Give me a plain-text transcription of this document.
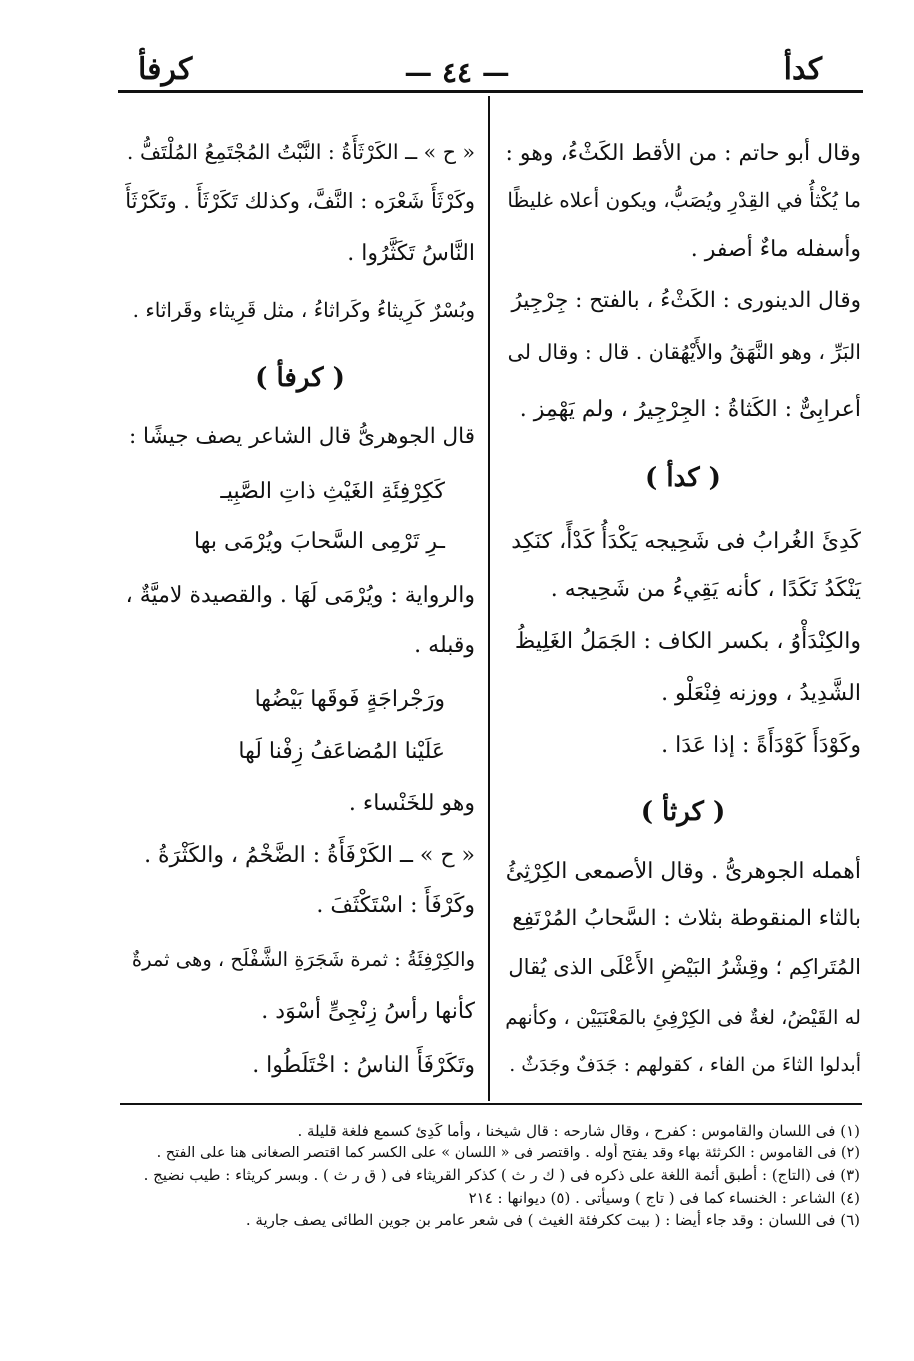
كدأ
— ٤٤ —
كرفأ
وقال أبو حاتم : من الأقط الكَثْءُ، وهو :
ما يُكْثأُ في القِدْرِ ويُصَبُّ، ويكون أعلاه غليظًا
وأسفله ماءٌ أصفر .
وقال الدينورى : الكَثْءُ ، بالفتح : جِرْجِيرُ
البَرِّ ، وهو النَّهَقُ والأَيْهُقان . قال : وقال لى
أعرابِىٌّ : الكَثاةُ : الجِرْجِيرُ ، ولم يَهْمِز .
( كدأ )
كَدِئَ الغُرابُ فى شَحِيجه يَكْدَأُ كَدْأً، كنَكِد
يَنْكَدُ نَكَدًا ، كأنه يَقِيءُ من شَحِيجه .
والكِنْدَأْوُ ، بكسر الكاف : الجَمَلُ الغَلِيظُ
الشَّدِيدُ ، ووزنه فِنْعَلْو .
وكَوْدَأَ كَوْدَأَةً : إذا عَدَا .
( كرثأ )
أهمله الجوهرىُّ . وقال الأصمعى الكِرْثِئُ
بالثاء المنقوطة بثلاث : السَّحابُ المُرْتَفِع
المُتَراكِم ؛ وقِشْرُ البَيْضِ الأَعْلَى الذى يُقال
له القَيْضُ، لغةٌ فى الكِرْفِئِ بالمَعْنَيَيْن ، وكأنهم
أبدلوا الثاءَ من الفاء ، كقولهم : جَدَفٌ وجَدَثٌ .
« ح » ــ الكَرْثَأَةُ : النَّبْتُ المُجْتَمِعُ المُلْتَفُّ .
وكَرْثَأَ شَعْرَه : النَّفَّ، وكذلك تَكَرْثَأَ . وتَكَرْثَأَ
النَّاسُ تَكَثَّرُوا .
وبُسْرٌ كَرِيثاءُ وكَراثاءُ ، مثل قَرِيثاء وقَراثاء .
( كرفأ )
قال الجوهرىُّ قال الشاعر يصف جيشًا :
كَكِرْفِئَةِ الغَيْثِ ذاتِ الصَّبِيـ
ـرِ تَرْمِى السَّحابَ ويُرْمَى بها
والرواية : ويُرْمَى لَهَا . والقصيدة لاميَّةٌ ،
وقبله .
ورَجْراجَةٍ فَوقَها بَيْضُها
عَلَيْنا المُضاعَفُ زِفْنا لَها
وهو للخَنْساء .
« ح » ــ الكَرْفَأَةُ : الضَّخْمُ ، والكَثْرَةُ .
وكَرْفَأَ : اسْتَكْثَفَ .
والكِرْفِئَةُ : ثمرة شَجَرَةِ الشَّفْلَح ، وهى ثمرةٌ
كأنها رأسُ زِنْجِىٍّ أسْوَد .
وتَكَرْفَأَ الناسُ : اخْتَلَطُوا .
(١) فى اللسان والقاموس : كفرح ، وقال شارحه : قال شيخنا ، وأما كَدِئ كسمع فلغة قليلة .
(٢) فى القاموس : الكرثئة بهاء وقد يفتح أوله . واقتصر فى « اللسان » على الكسر كما اقتصر الصغانى هنا على الفتح .
(٣) فى (التاج) : أطبق أئمة اللغة على ذكره فى ( ك ر ث ) كذكر القريثاء فى ( ق ر ث ) . وبسر كريثاء : طيب نضيج .
(٤) الشاعر : الخنساء كما فى ( تاج ) وسيأتى . (٥) ديوانها : ٢١٤
(٦) فى اللسان : وقد جاء أيضا : ( بيت ككرفئة الغيث ) فى شعر عامر بن جوين الطائى يصف جارية .
